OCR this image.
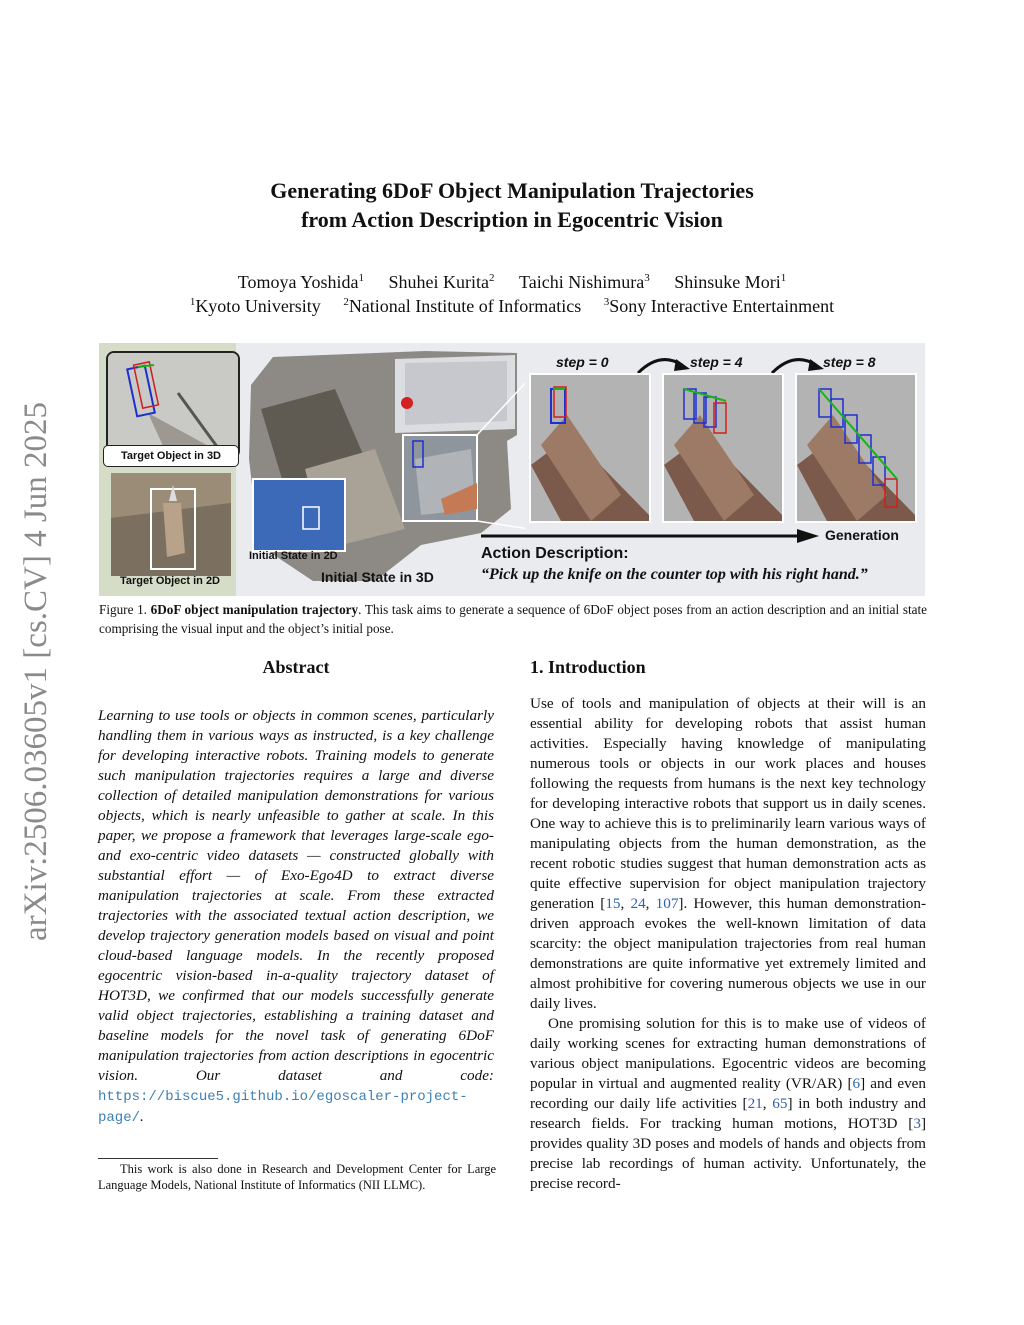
arXiv:2506.03605v1 [cs.CV] 4 Jun 2025
Generating 6DoF Object Manipulation Trajectories
from Action Description in Egocentric Vision
Tomoya Yoshida$^1$ Shuhei Kurita$^2$ Taichi Nishimura$^3$ Shinsuke Mori$^1$
$^1$Kyoto University $^2$National Institute of Informatics $^3$Sony Interactive Entertainment
Target Object in 3D
Target Object in 2D
Initial State in 2D
Initial State in 3D
step = 0	step = 4	step = 8
Generation
Action Description:
“Pick up the knife on the counter top with his right hand.”
Figure 1. 6DoF object manipulation trajectory. This task aims to generate a sequence of 6DoF object poses from an action description and an initial state comprising the visual input and the object’s initial pose.
Abstract
Learning to use tools or objects in common scenes, particularly handling them in various ways as instructed, is a key challenge for developing interactive robots. Training models to generate such manipulation trajectories requires a large and diverse collection of detailed manipulation demonstrations for various objects, which is nearly unfeasible to gather at scale. In this paper, we propose a framework that leverages large-scale ego- and exo-centric video datasets — constructed globally with substantial effort — of Exo-Ego4D to extract diverse manipulation trajectories at scale. From these extracted trajectories with the associated textual action description, we develop trajectory generation models based on visual and point cloud-based language models. In the recently proposed egocentric vision-based in-a-quality trajectory dataset of HOT3D, we confirmed that our models successfully generate valid object trajectories, establishing a training dataset and baseline models for the novel task of generating 6DoF manipulation trajectories from action descriptions in egocentric vision. Our dataset and code: https://biscue5.github.io/egoscaler-project-page/.
This work is also done in Research and Development Center for Large Language Models, National Institute of Informatics (NII LLMC).
1. Introduction

Use of tools and manipulation of objects at their will is an essential ability for developing robots that assist human activities. Especially having knowledge of manipulating numerous tools or objects in our work places and houses following the requests from humans is the next key technology for developing interactive robots that support us in daily scenes. One way to achieve this is to preliminarily learn various ways of manipulating objects from the human demonstration, as the recent robotic studies suggest that human demonstration acts as quite effective supervision for object manipulation trajectory generation [15, 24, 107]. However, this human demonstration-driven approach evokes the well-known limitation of data scarcity: the object manipulation trajectories from real human demonstrations are quite informative yet extremely limited and almost prohibitive for covering numerous objects we use in our daily lives.

One promising solution for this is to make use of videos of daily working scenes for extracting human demonstrations of various object manipulations. Egocentric videos are becoming popular in virtual and augmented reality (VR/AR) [6] and even recording our daily life activities [21, 65] in both industry and research fields. For tracking human motions, HOT3D [3] provides quality 3D poses and models of hands and objects from precise lab recordings of human activity. Unfortunately, the precise record-
